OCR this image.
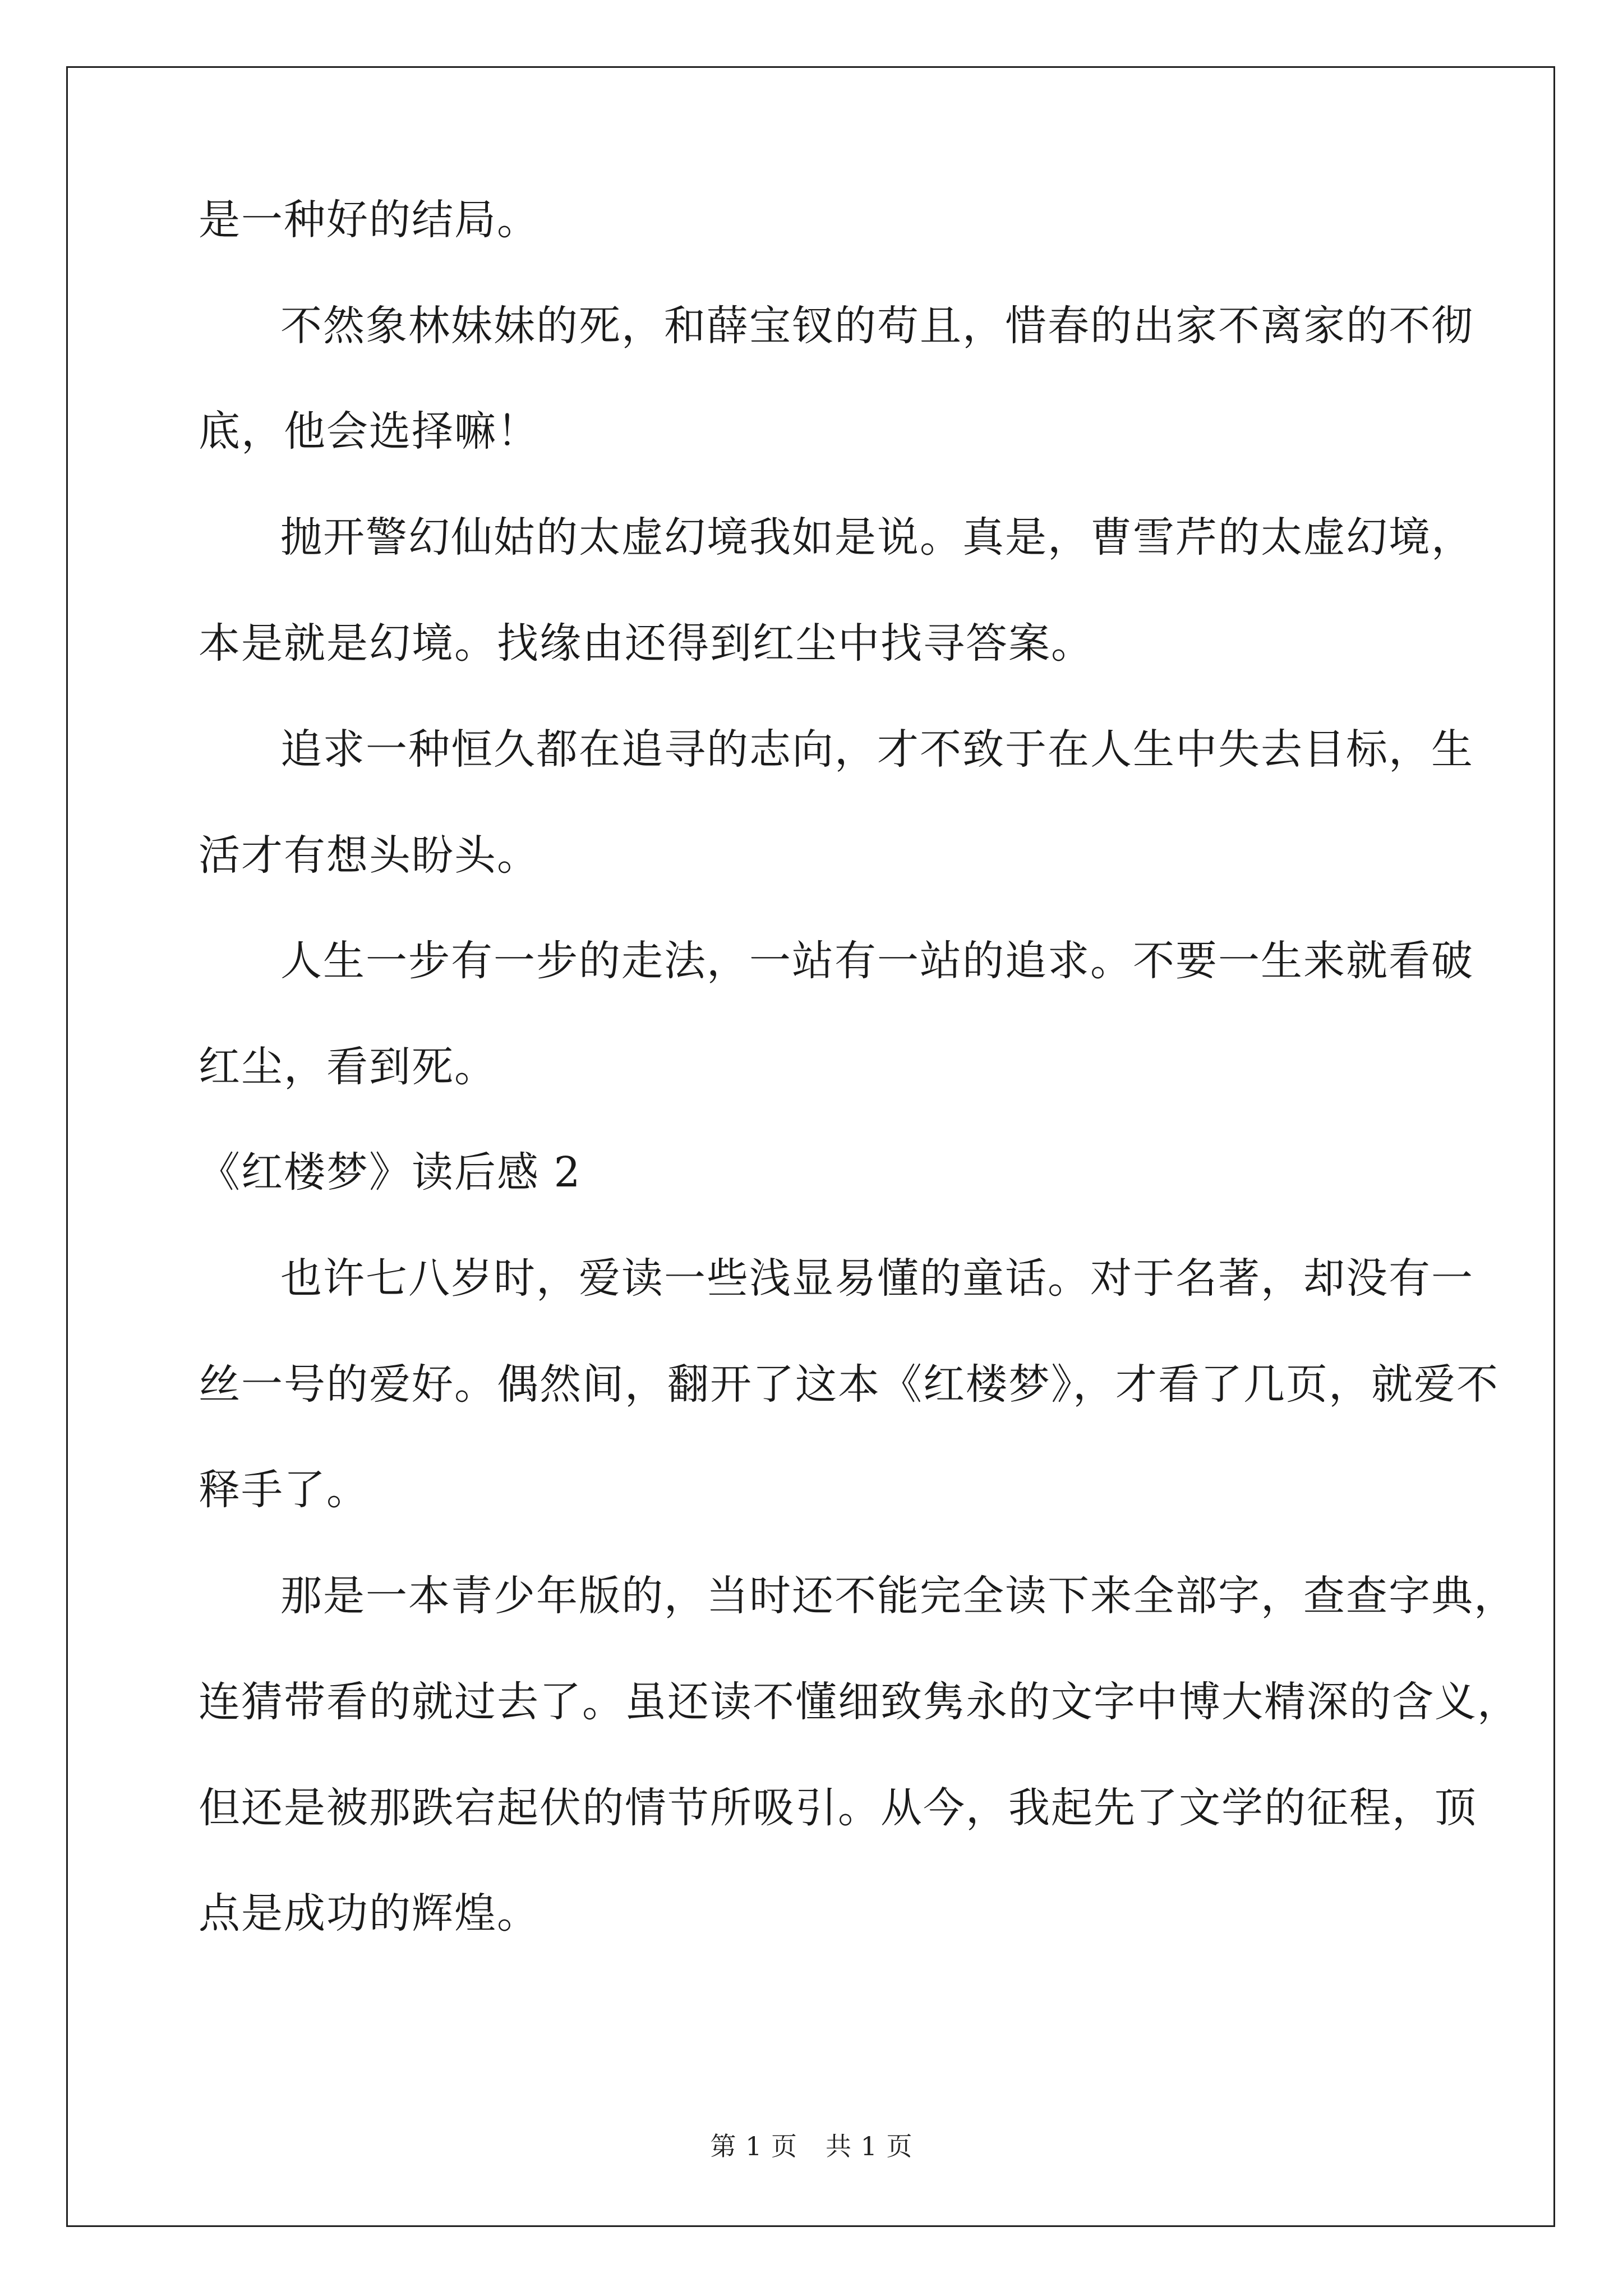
是一种好的结局。
不然象林妹妹的死，和薛宝钗的苟且，惜春的出家不离家的不彻
底，他会选择嘛！
抛开警幻仙姑的太虚幻境我如是说。真是，曹雪芹的太虚幻境，
本是就是幻境。找缘由还得到红尘中找寻答案。
追求一种恒久都在追寻的志向，才不致于在人生中失去目标，生
活才有想头盼头。
人生一步有一步的走法，一站有一站的追求。不要一生来就看破
红尘，看到死。
《红楼梦》读后感 2
也许七八岁时，爱读一些浅显易懂的童话。对于名著，却没有一
丝一号的爱好。偶然间，翻开了这本《红楼梦》，才看了几页，就爱不
释手了。
那是一本青少年版的，当时还不能完全读下来全部字，查查字典，
连猜带看的就过去了。虽还读不懂细致隽永的文字中博大精深的含义，
但还是被那跌宕起伏的情节所吸引。从今，我起先了文学的征程，顶
点是成功的辉煌。
第 1 页 共 1 页
